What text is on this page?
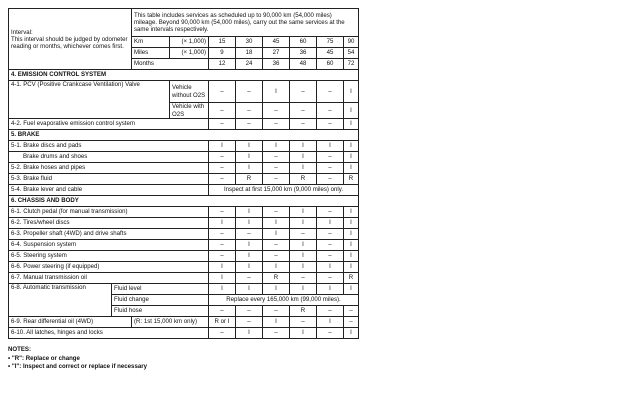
Interval:
This interval should be judged by odometer reading or months, whichever comes first.		This table includes services as scheduled up to 90,000 km (54,000 miles) mileage. Beyond 90,000 km (54,000 miles), carry out the same services at the same intervals respectively.							
		Km	(× 1,000)	15	30	45	60	75	90
		Miles	(× 1,000)	9	18	27	36	45	54
		Months		12	24	36	48	60	72
4. EMISSION CONTROL SYSTEM									
4-1. PCV (Positive Crankcase Ventilation) Valve			Vehicle without O2S	–	–	I	–	–	I
			Vehicle with O2S	–	–	–	–	–	I
4-2. Fuel evaporative emission control system				–	–	–	–	–	I
5. BRAKE									
5-1. Brake discs and pads				I	I	I	I	I	I
Brake drums and shoes				–	I	–	I	–	I
5-2. Brake hoses and pipes				–	I	–	I	–	I
5-3. Brake fluid				–	R	–	R	–	R
5-4. Brake lever and cable				Inspect at first 15,000 km (9,000 miles) only.					
6. CHASSIS AND BODY									
6-1. Clutch pedal (for manual transmission)				–	I	–	I	–	I
6-2. Tires/wheel discs				I	I	I	I	I	I
6-3. Propeller shaft (4WD) and drive shafts				–	–	I	–	–	I
6-4. Suspension system				–	I	–	I	–	I
6-5. Steering system				–	I	–	I	–	I
6-6. Power steering (if equipped)				I	I	I	I	I	I
6-7. Manual transmission oil				I	–	R	–	–	R
6-8. Automatic transmission	Fluid level			I	I	I	I	I	I
	Fluid change			Replace every 165,000 km (99,000 miles).					
	Fluid hose			–	–	–	R	–	–
6-9. Rear differential oil (4WD)		(R: 1st 15,000 km only)		R or I	–	I	–	I	–
6-10. All latches, hinges and locks				–	I	–	I	–	I
NOTES:
• "R": Replace or change
• "I": Inspect and correct or replace if necessary
